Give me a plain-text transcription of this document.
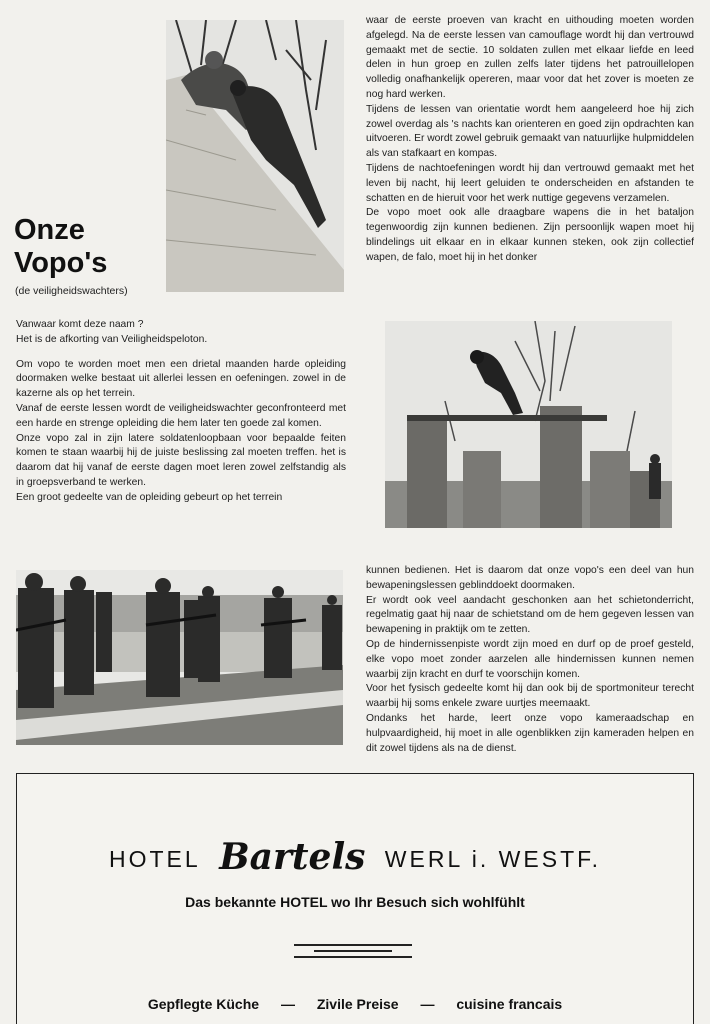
Onze
Vopo's
(de veiligheidswachters)

Vanwaar komt deze naam ?

Het is de afkorting van Veiligheidspeloton.

Om vopo te worden moet men een drietal maanden harde opleiding doormaken welke bestaat uit allerlei lessen en oefeningen. zowel in de kazerne als op het terrein.

Vanaf de eerste lessen wordt de veiligheidswachter geconfronteerd met een harde en strenge opleiding die hem later ten goede zal komen.

Onze vopo zal in zijn latere soldatenloopbaan voor bepaalde feiten komen te staan waarbij hij de juiste beslissing zal moeten treffen. het is daarom dat hij vanaf de eerste dagen moet leren zowel zelfstandig als in groepsverband te werken.

Een groot gedeelte van de opleiding gebeurt op het terrein

waar de eerste proeven van kracht en uithouding moeten worden afgelegd. Na de eerste lessen van camouflage wordt hij dan vertrouwd gemaakt met de sectie. 10 soldaten zullen met elkaar liefde en leed delen in hun groep en zullen zelfs later tijdens het patrouillelopen volledig onafhankelijk opereren, maar voor dat het zover is moeten ze nog hard werken.

Tijdens de lessen van orientatie wordt hem aangeleerd hoe hij zich zowel overdag als 's nachts kan orienteren en goed zijn opdrachten kan uitvoeren. Er wordt zowel gebruik gemaakt van natuurlijke hulpmiddelen als van stafkaart en kompas.

Tijdens de nachtoefeningen wordt hij dan vertrouwd gemaakt met het leven bij nacht, hij leert geluiden te onderscheiden en afstanden te schatten en de hieruit voor het werk nuttige gegevens verzamelen.

De vopo moet ook alle draagbare wapens die in het bataljon tegenwoordig zijn kunnen bedienen. Zijn persoonlijk wapen moet hij blindelings uit elkaar en in elkaar kunnen steken, ook zijn collectief wapen, de falo, moet hij in het donker

kunnen bedienen. Het is daarom dat onze vopo's een deel van hun bewapeningslessen geblinddoekt doormaken.

Er wordt ook veel aandacht geschonken aan het schietonderricht, regelmatig gaat hij naar de schietstand om de hem gegeven lessen van bewapening in praktijk om te zetten.

Op de hindernissenpiste wordt zijn moed en durf op de proef gesteld, elke vopo moet zonder aarzelen alle hindernissen kunnen nemen waarbij zijn kracht en durf te voorschijn komen.

Voor het fysisch gedeelte komt hij dan ook bij de sportmoniteur terecht waarbij hij soms enkele zware uurtjes meemaakt.

Ondanks het harde, leert onze vopo kameraadschap en hulpvaardigheid, hij moet in alle ogenblikken zijn kameraden helpen en dit zowel tijdens als na de dienst.

HOTEL Bartels WERL i. WESTF.
Das bekannte HOTEL wo Ihr Besuch sich wohlfühlt
Gepflegte Küche — Zivile Preise — cuisine francais
